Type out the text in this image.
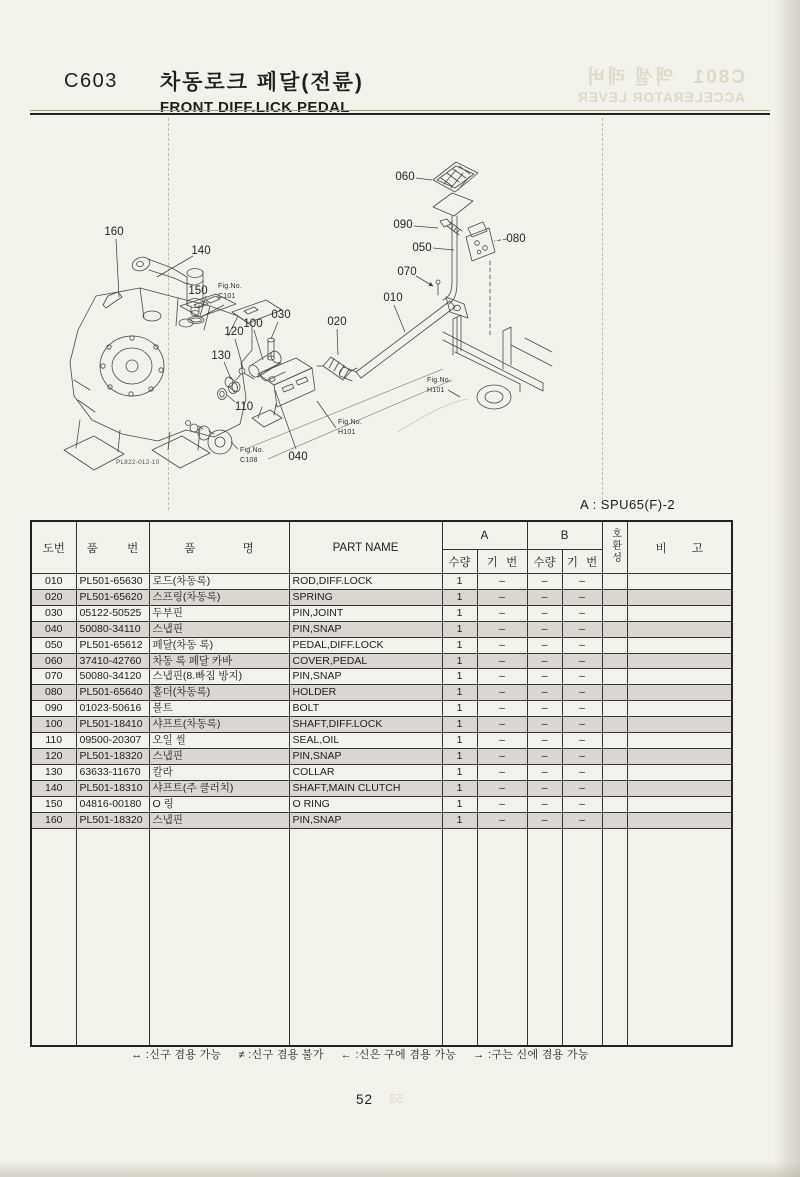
C801액셀 레버
ACCELERATOR LEVER
C603 차동로크 페달(전륜)
FRONT DIFF.LICK PEDAL
PL822-012-10
160
140
150
030
100
120
130
110
040
020
010
070
050
090
060
080
Fig.No.
C101
Fig.No.
C108
Fig.No.
H101
Fig.No.
H101
A : SPU65(F)-2
도번	품 번	품 명	PART NAME	A		B		호환성	비 고
				수량	기 번	수량	기 번		
010	PL501-65630	로드(차동록)	ROD,DIFF.LOCK	1	–	–	–		
020	PL501-65620	스프링(차동록)	SPRING	1	–	–	–		
030	05122-50525	두부핀	PIN,JOINT	1	–	–	–		
040	50080-34110	스냅핀	PIN,SNAP	1	–	–	–		
050	PL501-65612	페달(차동 록)	PEDAL,DIFF.LOCK	1	–	–	–		
060	37410-42760	차동 록 페달 카바	COVER,PEDAL	1	–	–	–		
070	50080-34120	스냅핀(8.빠짐 방지)	PIN,SNAP	1	–	–	–		
080	PL501-65640	홀더(차동록)	HOLDER	1	–	–	–		
090	01023-50616	볼트	BOLT	1	–	–	–		
100	PL501-18410	샤프트(차동록)	SHAFT,DIFF.LOCK	1	–	–	–		
110	09500-20307	오일 씰	SEAL,OIL	1	–	–	–		
120	PL501-18320	스냅핀	PIN,SNAP	1	–	–	–		
130	63633-11670	칼라	COLLAR	1	–	–	–		
140	PL501-18310	샤프트(주 클러치)	SHAFT,MAIN CLUTCH	1	–	–	–		
150	04816-00180	O 링	O RING	1	–	–	–		
160	PL501-18320	스냅핀	PIN,SNAP	1	–	–	–		

↔ :신구 겸용 가능 ≠ :신구 겸용 불가 ← :신은 구에 겸용 가능 → :구는 신에 겸용 가능
52 53
